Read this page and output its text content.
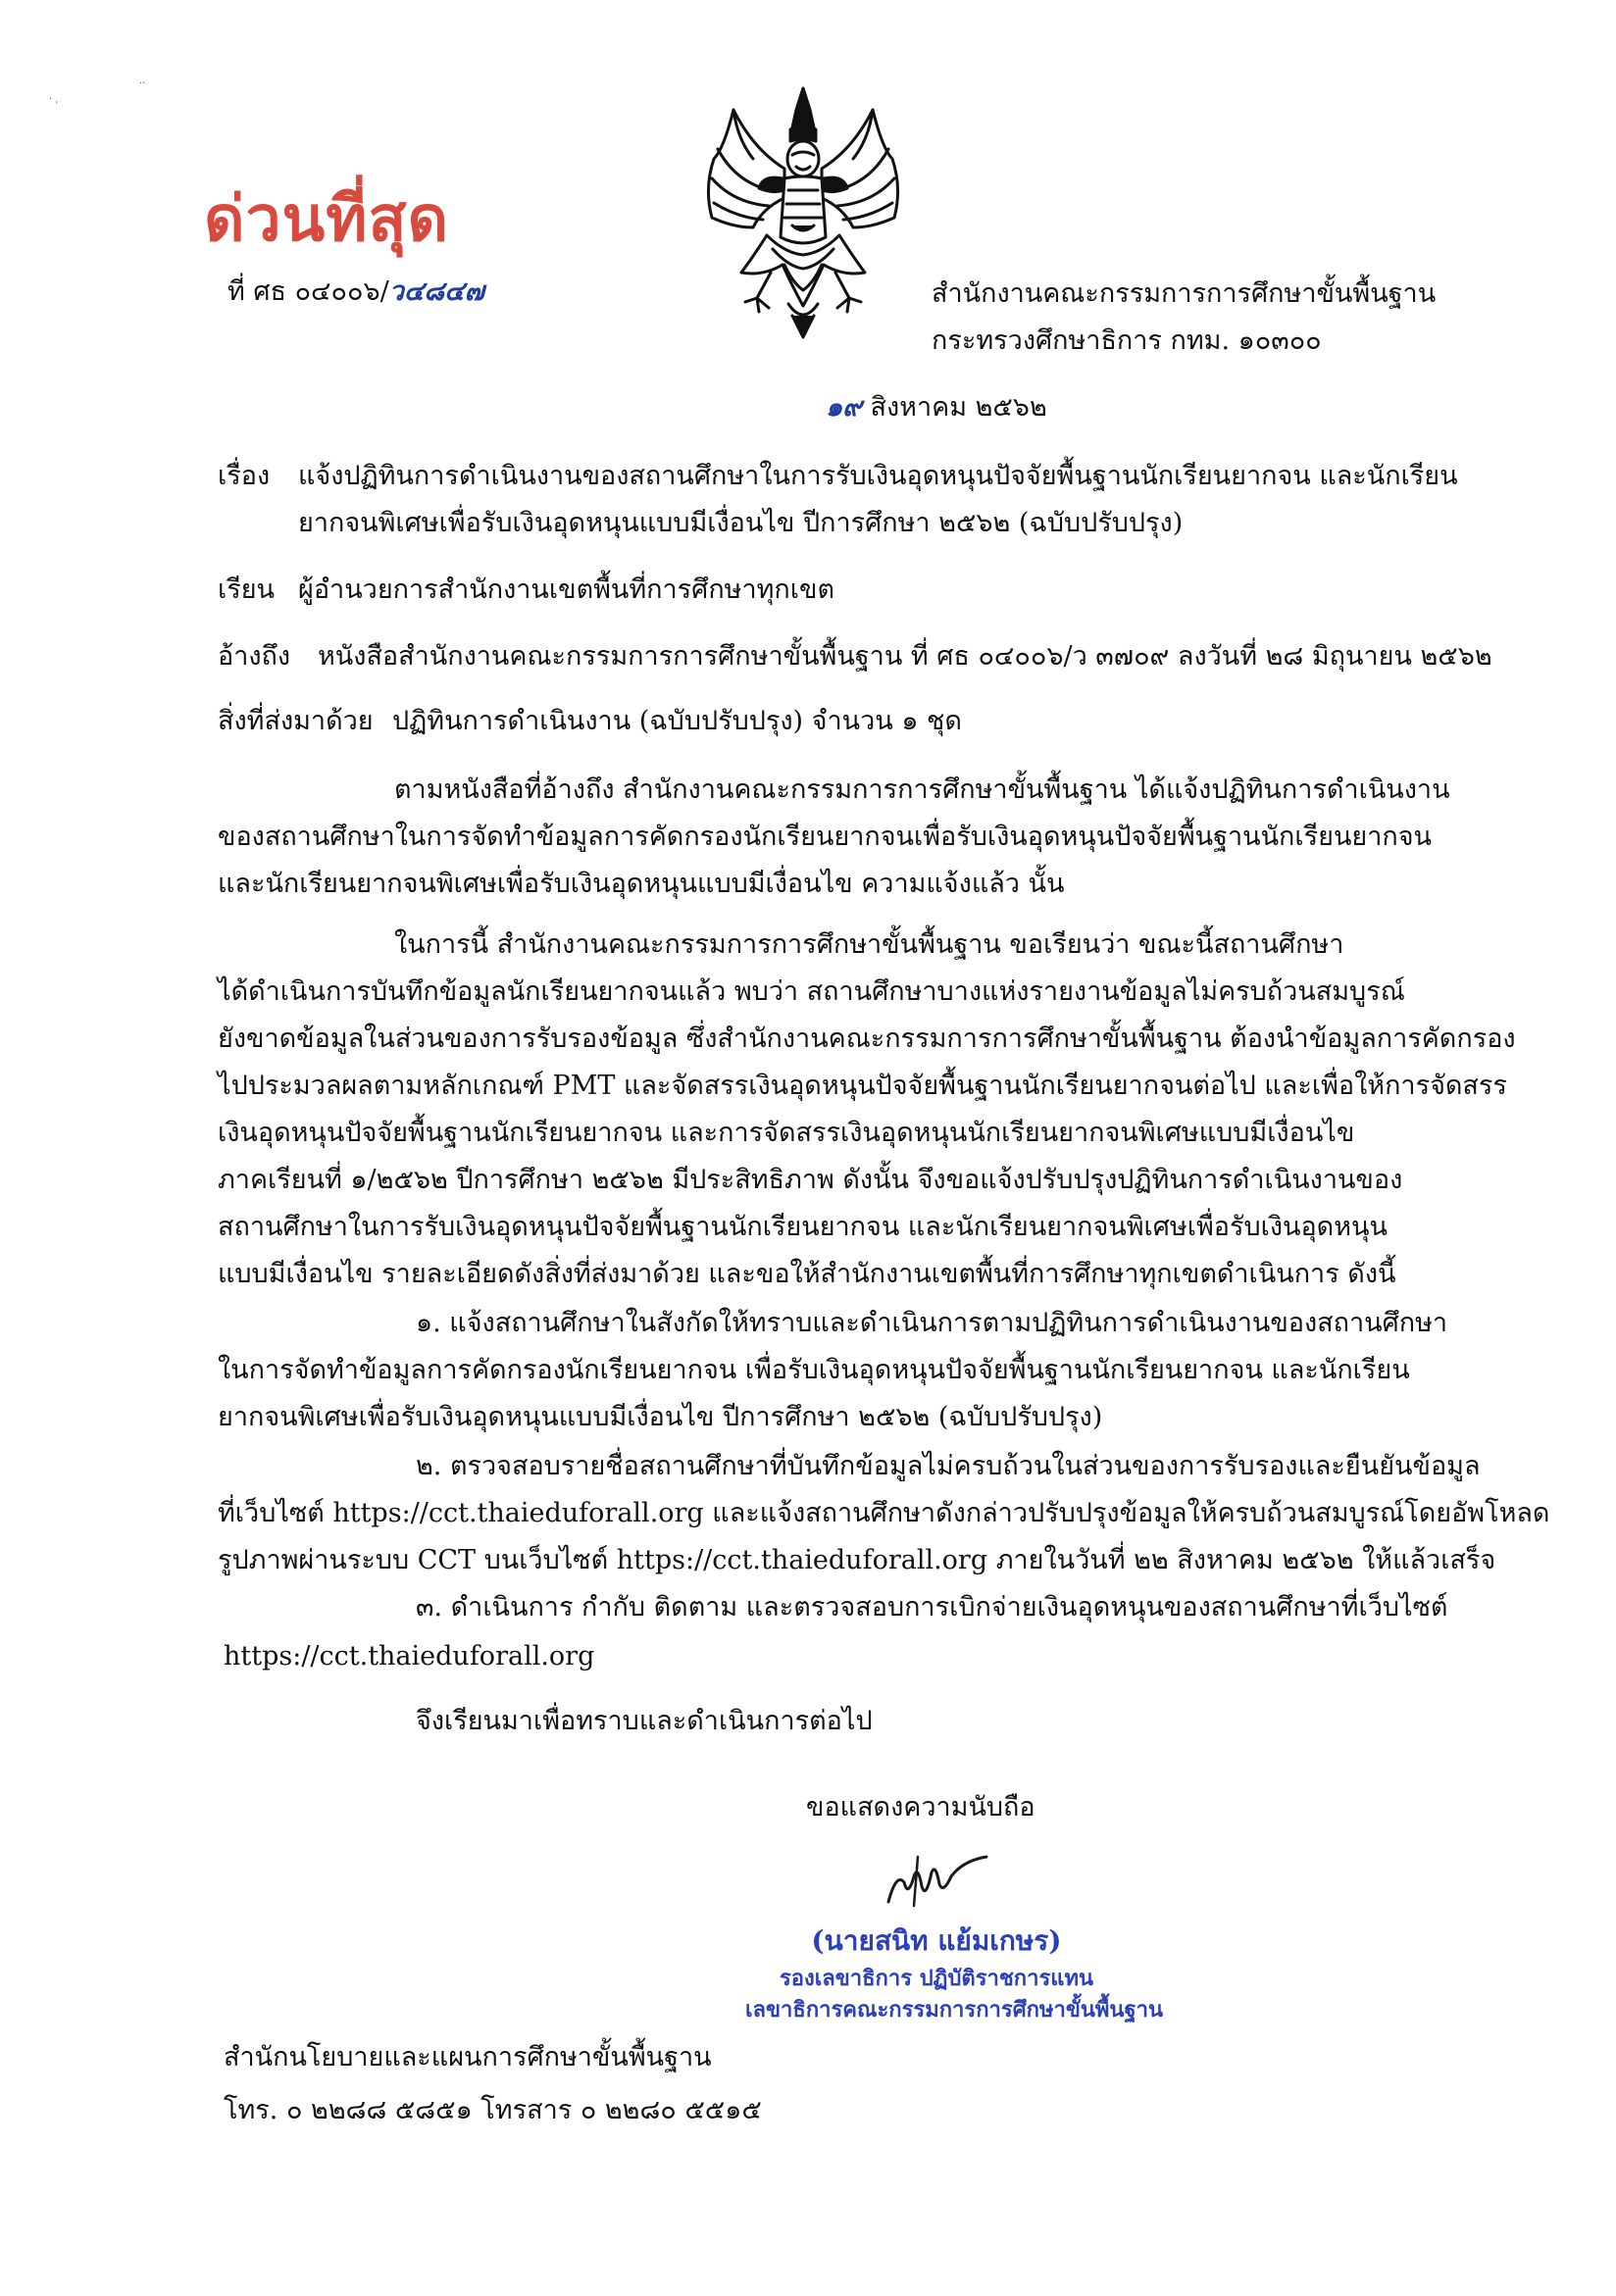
· ˌ
··
ด่วนที่สุด
ที่ ศธ ๐๔๐๐๖/ว๔๘๔๗	สำนักงานคณะกรรมการการศึกษาขั้นพื้นฐาน
กระทรวงศึกษาธิการ กทม. ๑๐๓๐๐
๑๙ สิงหาคม ๒๕๖๒
เรื่อง แจ้งปฏิทินการดำเนินงานของสถานศึกษาในการรับเงินอุดหนุนปัจจัยพื้นฐานนักเรียนยากจน และนักเรียน
ยากจนพิเศษเพื่อรับเงินอุดหนุนแบบมีเงื่อนไข ปีการศึกษา ๒๕๖๒ (ฉบับปรับปรุง)
เรียน ผู้อำนวยการสำนักงานเขตพื้นที่การศึกษาทุกเขต
อ้างถึง หนังสือสำนักงานคณะกรรมการการศึกษาขั้นพื้นฐาน ที่ ศธ ๐๔๐๐๖/ว ๓๗๐๙ ลงวันที่ ๒๘ มิถุนายน ๒๕๖๒
สิ่งที่ส่งมาด้วย ปฏิทินการดำเนินงาน (ฉบับปรับปรุง) จำนวน ๑ ชุด
ตามหนังสือที่อ้างถึง สำนักงานคณะกรรมการการศึกษาขั้นพื้นฐาน ได้แจ้งปฏิทินการดำเนินงาน
ของสถานศึกษาในการจัดทำข้อมูลการคัดกรองนักเรียนยากจนเพื่อรับเงินอุดหนุนปัจจัยพื้นฐานนักเรียนยากจน
และนักเรียนยากจนพิเศษเพื่อรับเงินอุดหนุนแบบมีเงื่อนไข ความแจ้งแล้ว นั้น
ในการนี้ สำนักงานคณะกรรมการการศึกษาขั้นพื้นฐาน ขอเรียนว่า ขณะนี้สถานศึกษา
ได้ดำเนินการบันทึกข้อมูลนักเรียนยากจนแล้ว พบว่า สถานศึกษาบางแห่งรายงานข้อมูลไม่ครบถ้วนสมบูรณ์
ยังขาดข้อมูลในส่วนของการรับรองข้อมูล ซึ่งสำนักงานคณะกรรมการการศึกษาขั้นพื้นฐาน ต้องนำข้อมูลการคัดกรอง
ไปประมวลผลตามหลักเกณฑ์ PMT และจัดสรรเงินอุดหนุนปัจจัยพื้นฐานนักเรียนยากจนต่อไป และเพื่อให้การจัดสรร
เงินอุดหนุนปัจจัยพื้นฐานนักเรียนยากจน และการจัดสรรเงินอุดหนุนนักเรียนยากจนพิเศษแบบมีเงื่อนไข
ภาคเรียนที่ ๑/๒๕๖๒ ปีการศึกษา ๒๕๖๒ มีประสิทธิภาพ ดังนั้น จึงขอแจ้งปรับปรุงปฏิทินการดำเนินงานของ
สถานศึกษาในการรับเงินอุดหนุนปัจจัยพื้นฐานนักเรียนยากจน และนักเรียนยากจนพิเศษเพื่อรับเงินอุดหนุน
แบบมีเงื่อนไข รายละเอียดดังสิ่งที่ส่งมาด้วย และขอให้สำนักงานเขตพื้นที่การศึกษาทุกเขตดำเนินการ ดังนี้
๑. แจ้งสถานศึกษาในสังกัดให้ทราบและดำเนินการตามปฏิทินการดำเนินงานของสถานศึกษา
ในการจัดทำข้อมูลการคัดกรองนักเรียนยากจน เพื่อรับเงินอุดหนุนปัจจัยพื้นฐานนักเรียนยากจน และนักเรียน
ยากจนพิเศษเพื่อรับเงินอุดหนุนแบบมีเงื่อนไข ปีการศึกษา ๒๕๖๒ (ฉบับปรับปรุง)
๒. ตรวจสอบรายชื่อสถานศึกษาที่บันทึกข้อมูลไม่ครบถ้วนในส่วนของการรับรองและยืนยันข้อมูล
ที่เว็บไซต์ https://cct.thaieduforall.org และแจ้งสถานศึกษาดังกล่าวปรับปรุงข้อมูลให้ครบถ้วนสมบูรณ์โดยอัพโหลด
รูปภาพผ่านระบบ CCT บนเว็บไซต์ https://cct.thaieduforall.org ภายในวันที่ ๒๒ สิงหาคม ๒๕๖๒ ให้แล้วเสร็จ
๓. ดำเนินการ กำกับ ติดตาม และตรวจสอบการเบิกจ่ายเงินอุดหนุนของสถานศึกษาที่เว็บไซต์
https://cct.thaieduforall.org
จึงเรียนมาเพื่อทราบและดำเนินการต่อไป
ขอแสดงความนับถือ
(นายสนิท แย้มเกษร)
รองเลขาธิการ ปฏิบัติราชการแทน
เลขาธิการคณะกรรมการการศึกษาขั้นพื้นฐาน
สำนักนโยบายและแผนการศึกษาขั้นพื้นฐาน
โทร. ๐ ๒๒๘๘ ๕๘๕๑ โทรสาร ๐ ๒๒๘๐ ๕๕๑๕
